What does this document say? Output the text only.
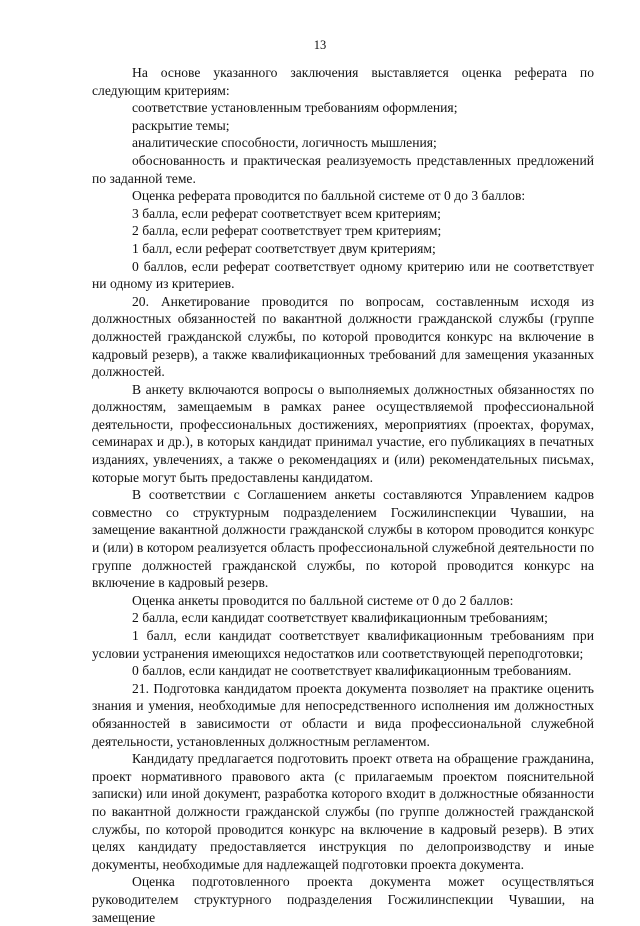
13

На основе указанного заключения выставляется оценка реферата по следующим критериям:

соответствие установленным требованиям оформления;

раскрытие темы;

аналитические способности, логичность мышления;

обоснованность и практическая реализуемость представленных предложений по заданной теме.

Оценка реферата проводится по балльной системе от 0 до 3 баллов:

3 балла, если реферат соответствует всем критериям;

2 балла, если реферат соответствует трем критериям;

1 балл, если реферат соответствует двум критериям;

0 баллов, если реферат соответствует одному критерию или не соответствует ни одному из критериев.

20. Анкетирование проводится по вопросам, составленным исходя из должностных обязанностей по вакантной должности гражданской службы (группе должностей гражданской службы, по которой проводится конкурс на включение в кадровый резерв), а также квалификационных требований для замещения указанных должностей.

В анкету включаются вопросы о выполняемых должностных обязанностях по должностям, замещаемым в рамках ранее осуществляемой профессиональной деятельности, профессиональных достижениях, мероприятиях (проектах, форумах, семинарах и др.), в которых кандидат принимал участие, его публикациях в печатных изданиях, увлечениях, а также о рекомендациях и (или) рекомендательных письмах, которые могут быть предоставлены кандидатом.

В соответствии с Соглашением анкеты составляются Управлением кадров совместно со структурным подразделением Госжилинспекции Чувашии, на замещение вакантной должности гражданской службы в котором проводится конкурс и (или) в котором реализуется область профессиональной служебной деятельности по группе должностей гражданской службы, по которой проводится конкурс на включение в кадровый резерв.

Оценка анкеты проводится по балльной системе от 0 до 2 баллов:

2 балла, если кандидат соответствует квалификационным требованиям;

1 балл, если кандидат соответствует квалификационным требованиям при условии устранения имеющихся недостатков или соответствующей переподготовки;

0 баллов, если кандидат не соответствует квалификационным требованиям.

21. Подготовка кандидатом проекта документа позволяет на практике оценить знания и умения, необходимые для непосредственного исполнения им должностных обязанностей в зависимости от области и вида профессиональной служебной деятельности, установленных должностным регламентом.

Кандидату предлагается подготовить проект ответа на обращение гражданина, проект нормативного правового акта (с прилагаемым проектом пояснительной записки) или иной документ, разработка которого входит в должностные обязанности по вакантной должности гражданской службы (по группе должностей гражданской службы, по которой проводится конкурс на включение в кадровый резерв). В этих целях кандидату предоставляется инструкция по делопроизводству и иные документы, необходимые для надлежащей подготовки проекта документа.

Оценка подготовленного проекта документа может осуществляться руководителем структурного подразделения Госжилинспекции Чувашии, на замещение
